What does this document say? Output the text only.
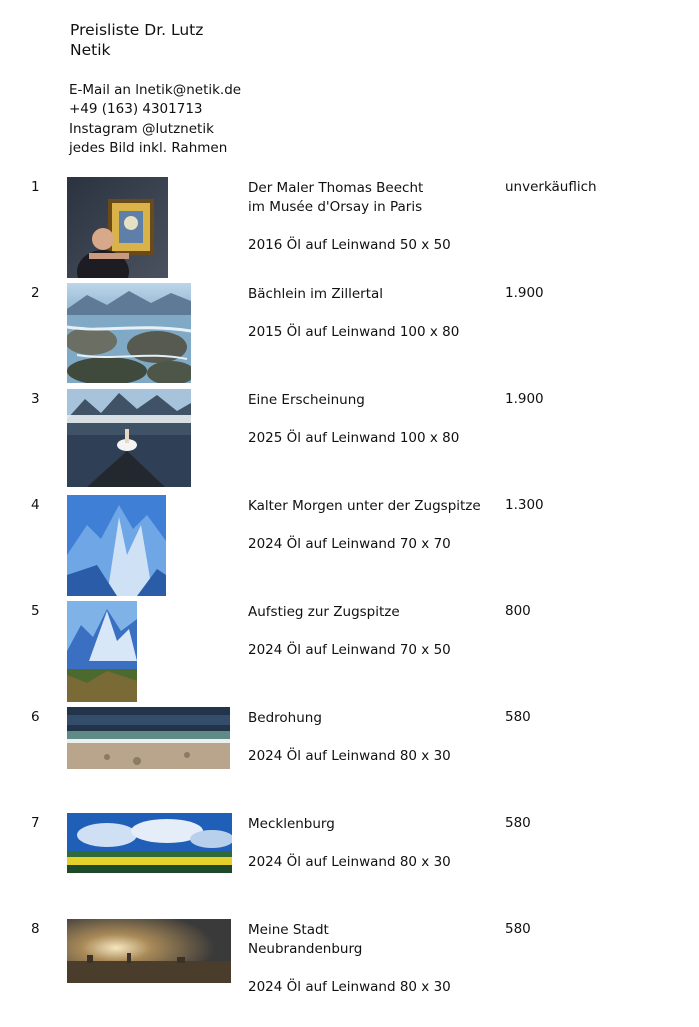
Preisliste Dr. Lutz Netik
E-Mail an lnetik@netik.de
+49 (163) 4301713
Instagram @lutznetik
jedes Bild inkl. Rahmen
1	Der Maler Thomas Beecht
im Musée d'Orsay in Paris
2016 Öl auf Leinwand 50 x 50
unverkäuflich
2	Bächlein im Zillertal
2015 Öl auf Leinwand 100 x 80
1.900
3	Eine Erscheinung
2025 Öl auf Leinwand 100 x 80
1.900
4	Kalter Morgen unter der Zugspitze
2024 Öl auf Leinwand 70 x 70
1.300
5	Aufstieg zur Zugspitze
2024 Öl auf Leinwand 70 x 50
800
6	Bedrohung
2024 Öl auf Leinwand 80 x 30
580
7	Mecklenburg
2024 Öl auf Leinwand 80 x 30
580
8	Meine Stadt
Neubrandenburg
2024 Öl auf Leinwand 80 x 30
580
